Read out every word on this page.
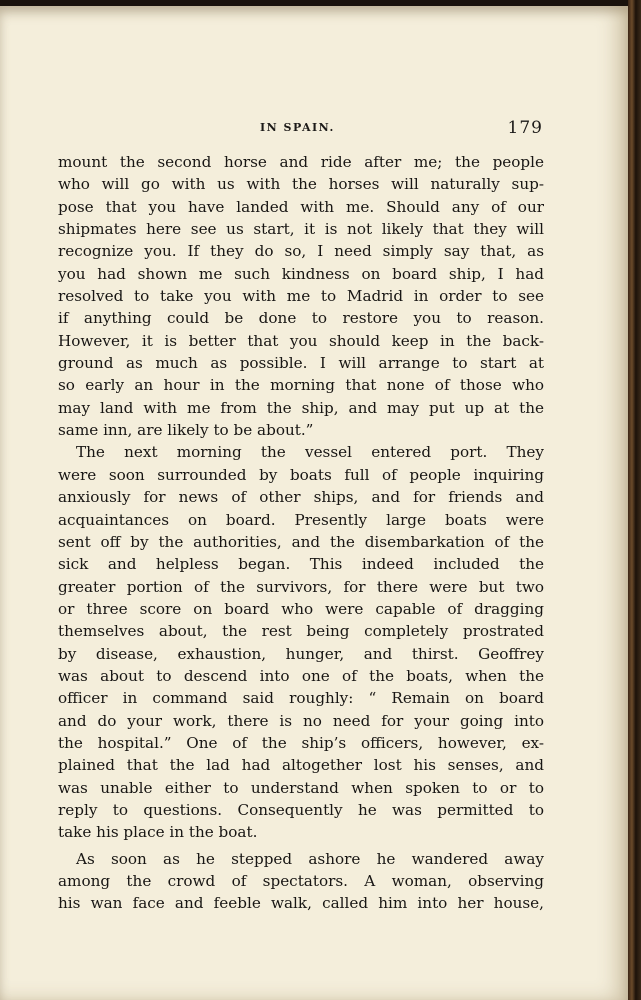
IN SPAIN.	179
mount the second horse and ride after me; the people
who will go with us with the horses will naturally sup-
pose that you have landed with me. Should any of our
shipmates here see us start, it is not likely that they will
recognize you. If they do so, I need simply say that, as
you had shown me such kindness on board ship, I had
resolved to take you with me to Madrid in order to see
if anything could be done to restore you to reason.
However, it is better that you should keep in the back-
ground as much as possible. I will arrange to start at
so early an hour in the morning that none of those who
may land with me from the ship, and may put up at the
same inn, are likely to be about.”
The next morning the vessel entered port. They
were soon surrounded by boats full of people inquiring
anxiously for news of other ships, and for friends and
acquaintances on board. Presently large boats were
sent off by the authorities, and the disembarkation of the
sick and helpless began. This indeed included the
greater portion of the survivors, for there were but two
or three score on board who were capable of dragging
themselves about, the rest being completely prostrated
by disease, exhaustion, hunger, and thirst. Geoffrey
was about to descend into one of the boats, when the
officer in command said roughly: “ Remain on board
and do your work, there is no need for your going into
the hospital.” One of the ship’s officers, however, ex-
plained that the lad had altogether lost his senses, and
was unable either to understand when spoken to or to
reply to questions. Consequently he was permitted to
take his place in the boat.
As soon as he stepped ashore he wandered away
among the crowd of spectators. A woman, observing
his wan face and feeble walk, called him into her house,
